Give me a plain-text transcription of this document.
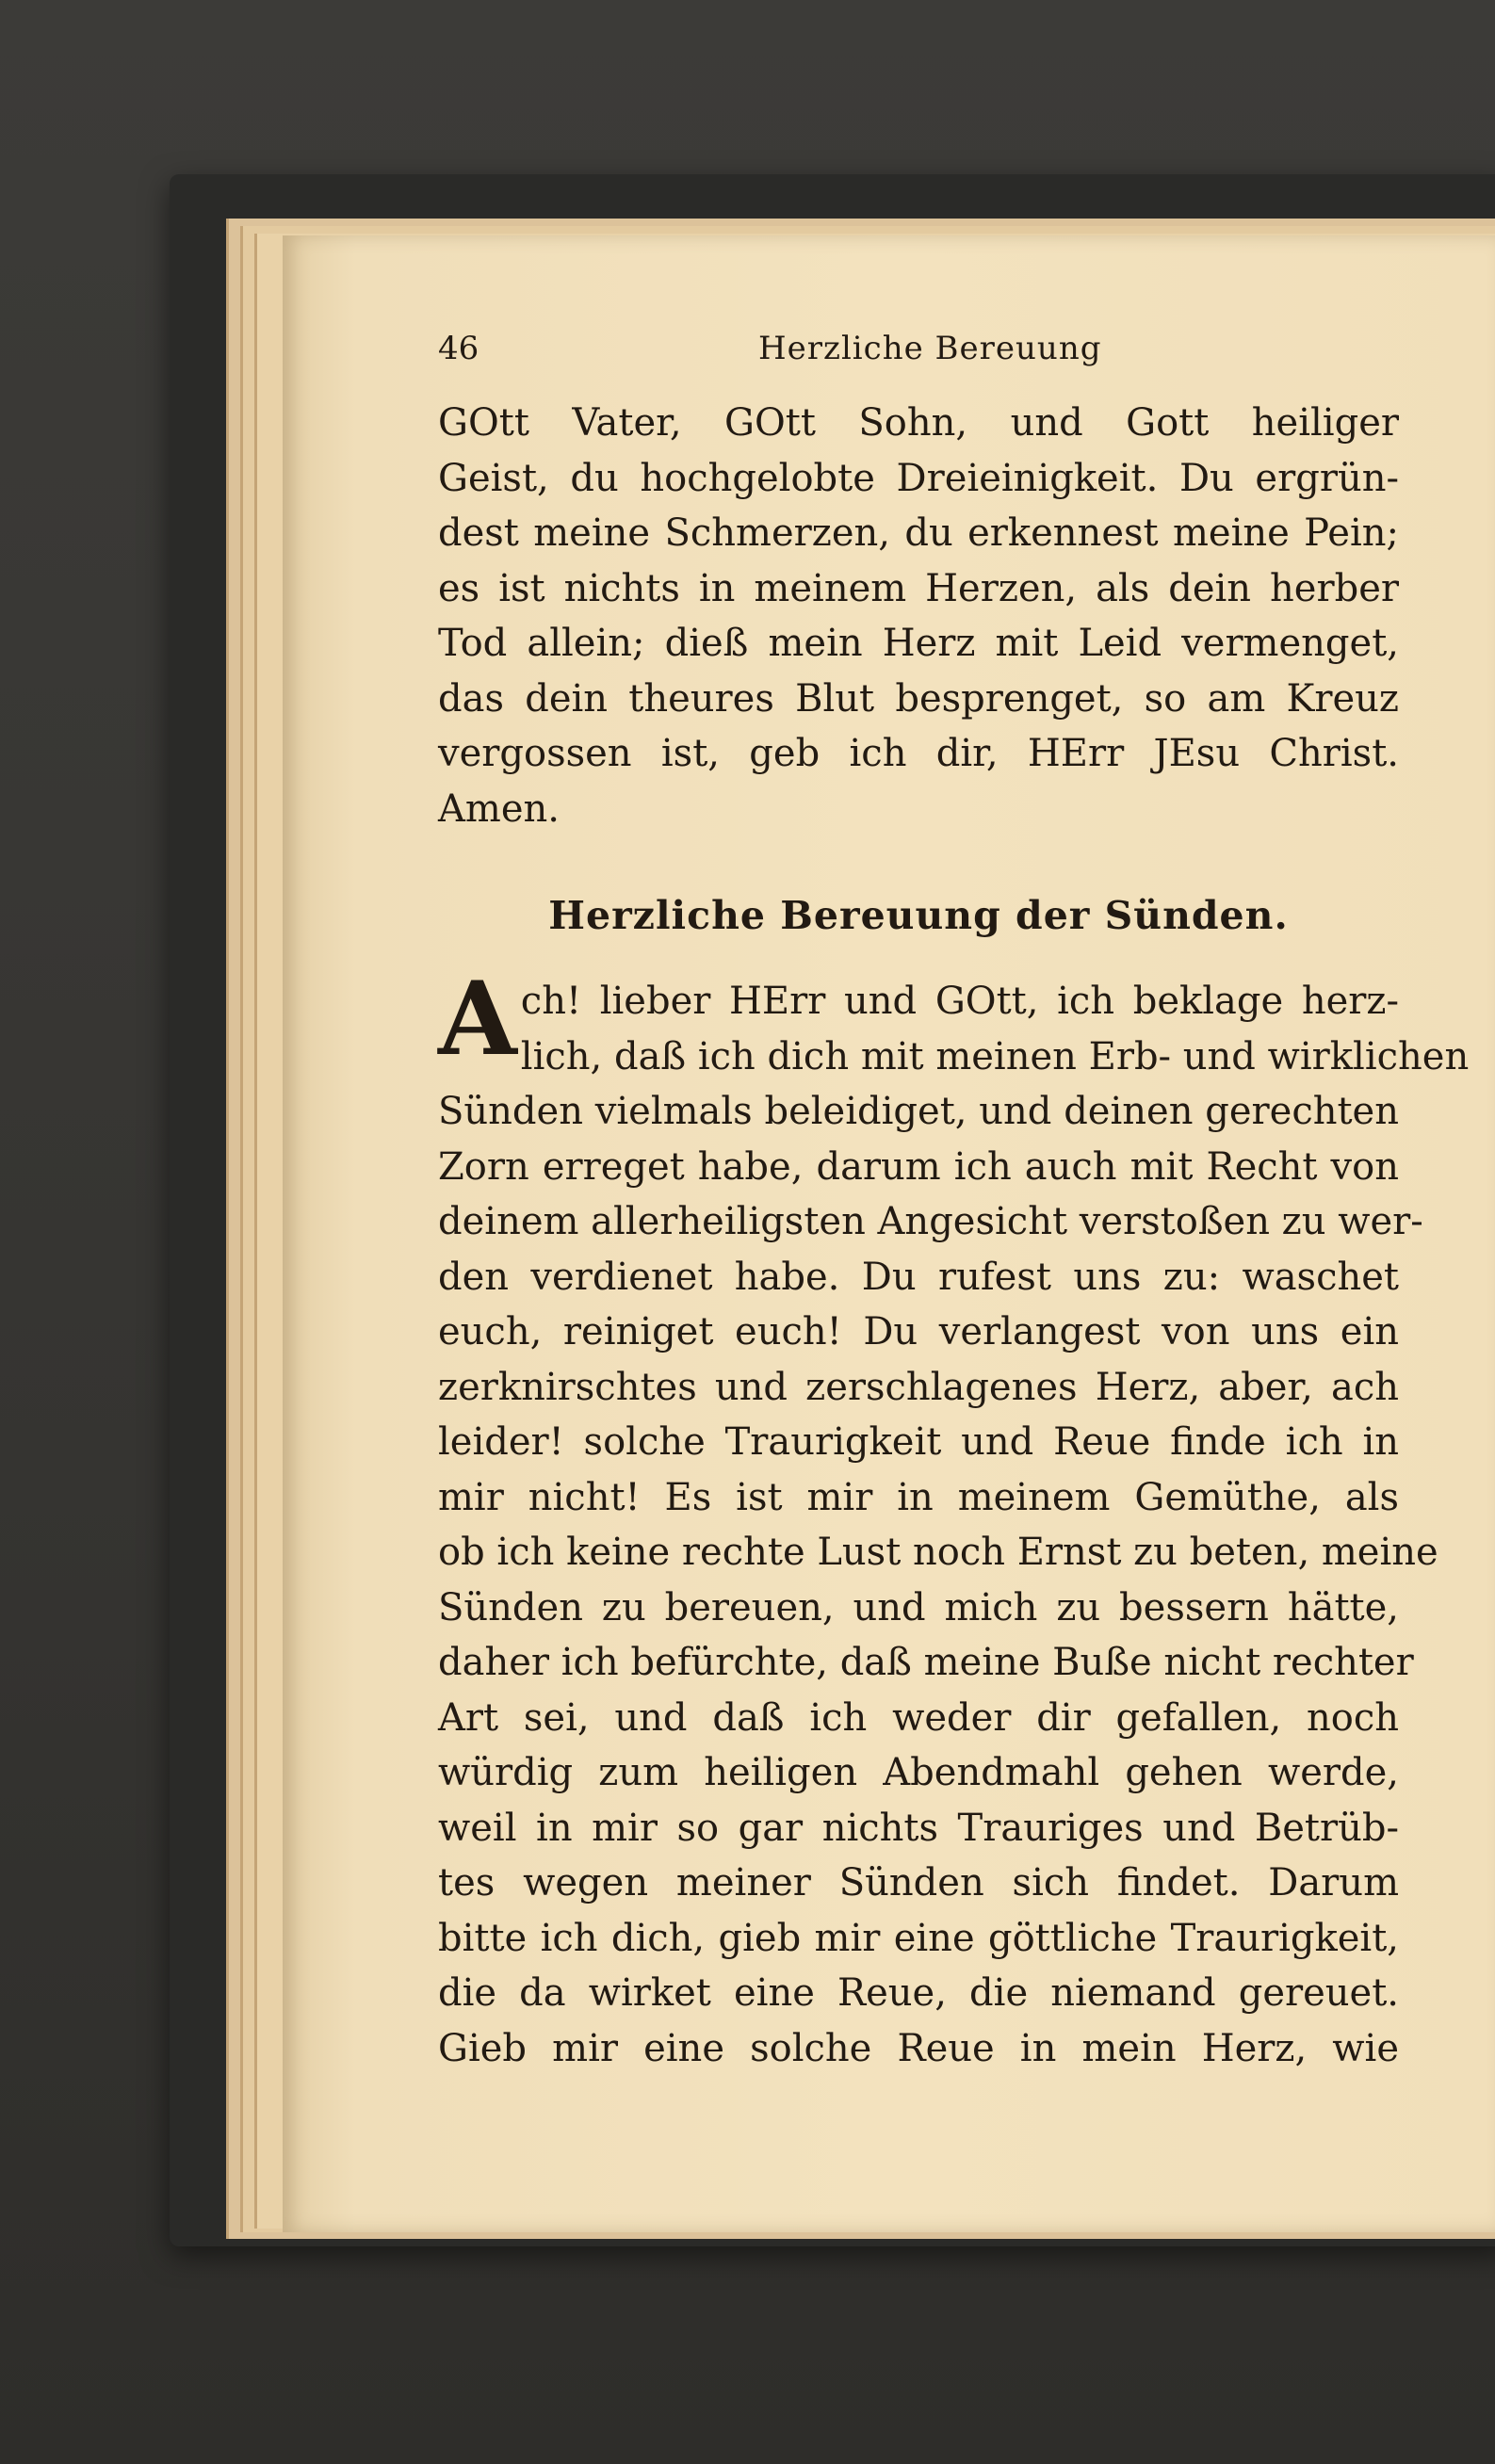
46	Herzliche Bereuung
GOtt Vater, GOtt Sohn, und Gott heiliger
Geist, du hochgelobte Dreieinigkeit. Du ergrün-
dest meine Schmerzen, du erkennest meine Pein;
es ist nichts in meinem Herzen, als dein herber
Tod allein; dieß mein Herz mit Leid vermenget,
das dein theures Blut besprenget, so am Kreuz
vergossen ist, geb ich dir, HErr JEsu Christ.
Amen.
Herzliche Bereuung der Sünden.
A ch! lieber HErr und GOtt, ich beklage herz-
lich, daß ich dich mit meinen Erb- und wirklichen
Sünden vielmals beleidiget, und deinen gerechten
Zorn erreget habe, darum ich auch mit Recht von
deinem allerheiligsten Angesicht verstoßen zu wer-
den verdienet habe. Du rufest uns zu: waschet
euch, reiniget euch! Du verlangest von uns ein
zerknirschtes und zerschlagenes Herz, aber, ach
leider! solche Traurigkeit und Reue finde ich in
mir nicht! Es ist mir in meinem Gemüthe, als
ob ich keine rechte Lust noch Ernst zu beten, meine
Sünden zu bereuen, und mich zu bessern hätte,
daher ich befürchte, daß meine Buße nicht rechter
Art sei, und daß ich weder dir gefallen, noch
würdig zum heiligen Abendmahl gehen werde,
weil in mir so gar nichts Trauriges und Betrüb-
tes wegen meiner Sünden sich findet. Darum
bitte ich dich, gieb mir eine göttliche Traurigkeit,
die da wirket eine Reue, die niemand gereuet.
Gieb mir eine solche Reue in mein Herz, wie
